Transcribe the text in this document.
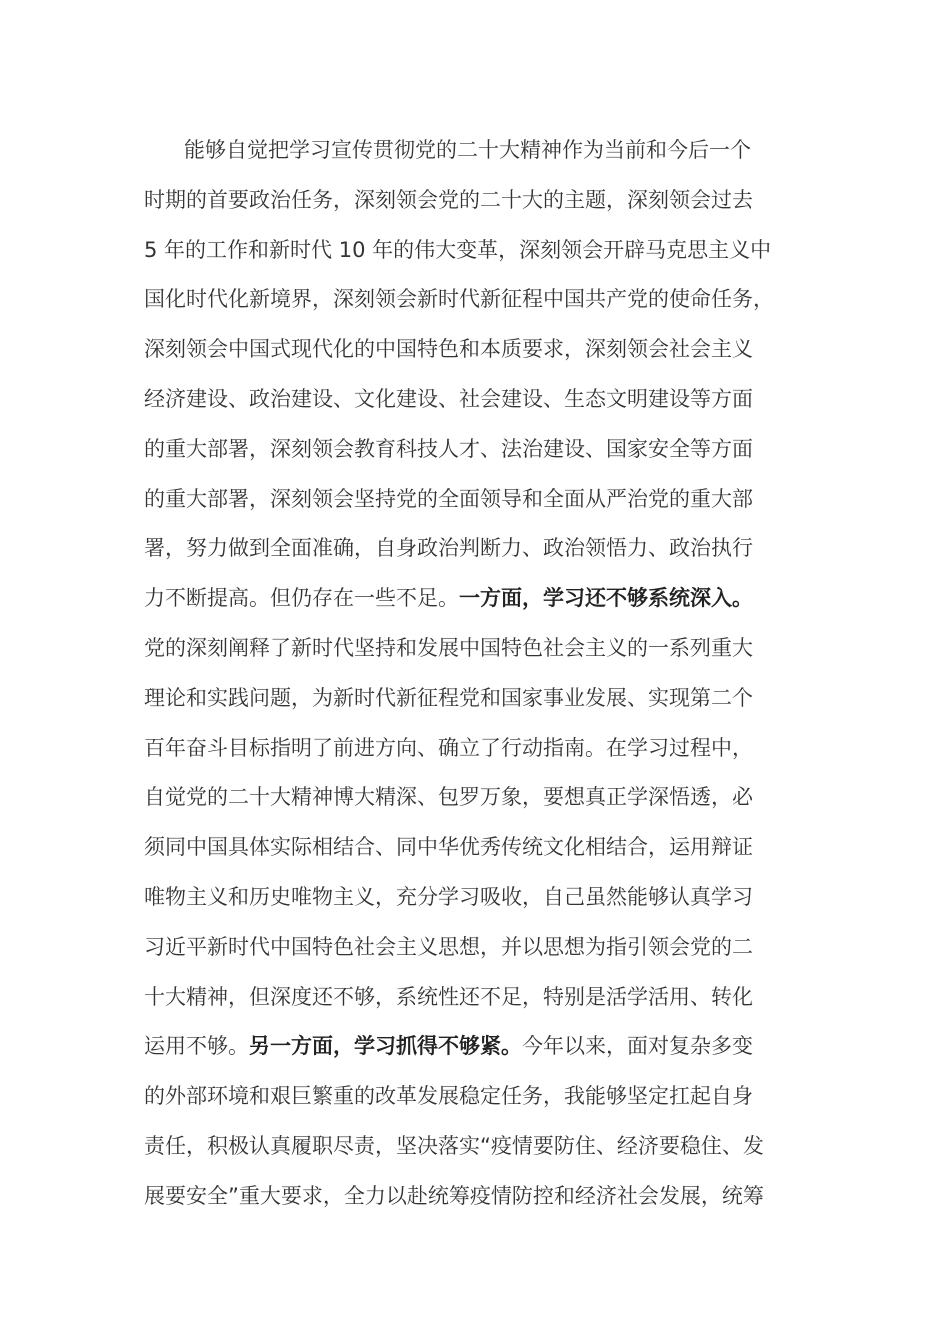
能够自觉把学习宣传贯彻党的二十大精神作为当前和今后一个
时期的首要政治任务，深刻领会党的二十大的主题，深刻领会过去
5 年的工作和新时代 10 年的伟大变革，深刻领会开辟马克思主义中
国化时代化新境界，深刻领会新时代新征程中国共产党的使命任务，
深刻领会中国式现代化的中国特色和本质要求，深刻领会社会主义
经济建设、政治建设、文化建设、社会建设、生态文明建设等方面
的重大部署，深刻领会教育科技人才、法治建设、国家安全等方面
的重大部署，深刻领会坚持党的全面领导和全面从严治党的重大部
署，努力做到全面准确，自身政治判断力、政治领悟力、政治执行
力不断提高。但仍存在一些不足。一方面，学习还不够系统深入。
党的深刻阐释了新时代坚持和发展中国特色社会主义的一系列重大
理论和实践问题，为新时代新征程党和国家事业发展、实现第二个
百年奋斗目标指明了前进方向、确立了行动指南。在学习过程中，
自觉党的二十大精神博大精深、包罗万象，要想真正学深悟透，必
须同中国具体实际相结合、同中华优秀传统文化相结合，运用辩证
唯物主义和历史唯物主义，充分学习吸收，自己虽然能够认真学习
习近平新时代中国特色社会主义思想，并以思想为指引领会党的二
十大精神，但深度还不够，系统性还不足，特别是活学活用、转化
运用不够。另一方面，学习抓得不够紧。今年以来，面对复杂多变
的外部环境和艰巨繁重的改革发展稳定任务，我能够坚定扛起自身
责任，积极认真履职尽责，坚决落实“疫情要防住、经济要稳住、发
展要安全”重大要求，全力以赴统筹疫情防控和经济社会发展，统筹
